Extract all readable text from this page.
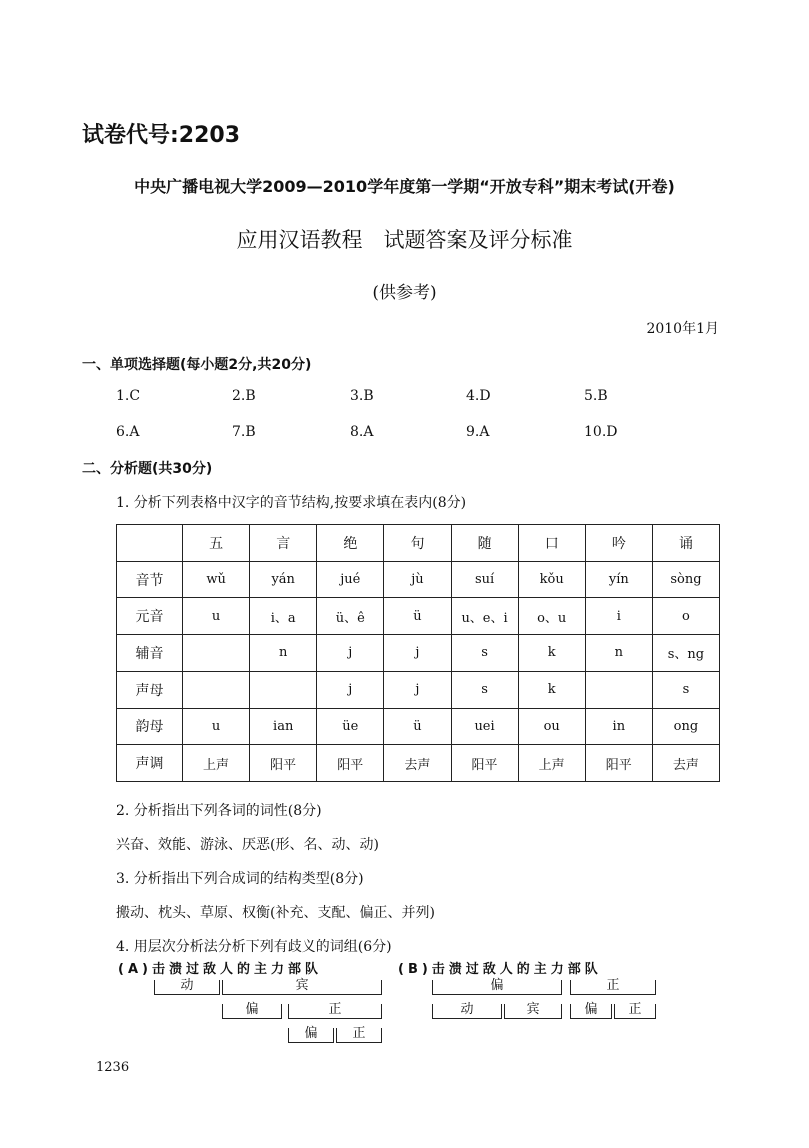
试卷代号:2203
中央广播电视大学2009—2010学年度第一学期“开放专科”期末考试(开卷)
应用汉语教程　试题答案及评分标准
(供参考)
2010年1月
一、单项选择题(每小题2分,共20分)
1.C	2.B	3.B	4.D	5.B
6.A	7.B	8.A	9.A	10.D
二、分析题(共30分)
1. 分析下列表格中汉字的音节结构,按要求填在表内(8分)
	五	言	绝	句	随	口	吟	诵
音节	wǔ	yán	jué	jù	suí	kǒu	yín	sòng
元音	u	i、a	ü、ê	ü	u、e、i	o、u	i	o
辅音		n	j	j	s	k	n	s、ng
声母			j	j	s	k		s
韵母	u	ian	üe	ü	uei	ou	in	ong
声调	上声	阳平	阳平	去声	阳平	上声	阳平	去声
2. 分析指出下列各词的词性(8分)
兴奋、效能、游泳、厌恶(形、名、动、动)
3. 分析指出下列合成词的结构类型(8分)
搬动、枕头、草原、权衡(补充、支配、偏正、并列)
4. 用层次分析法分析下列有歧义的词组(6分)
(A)击溃过敌人的主力部队
动	宾
偏	正
偏	正
(B)击溃过敌人的主力部队
偏	正
动	宾	偏	正
1236
